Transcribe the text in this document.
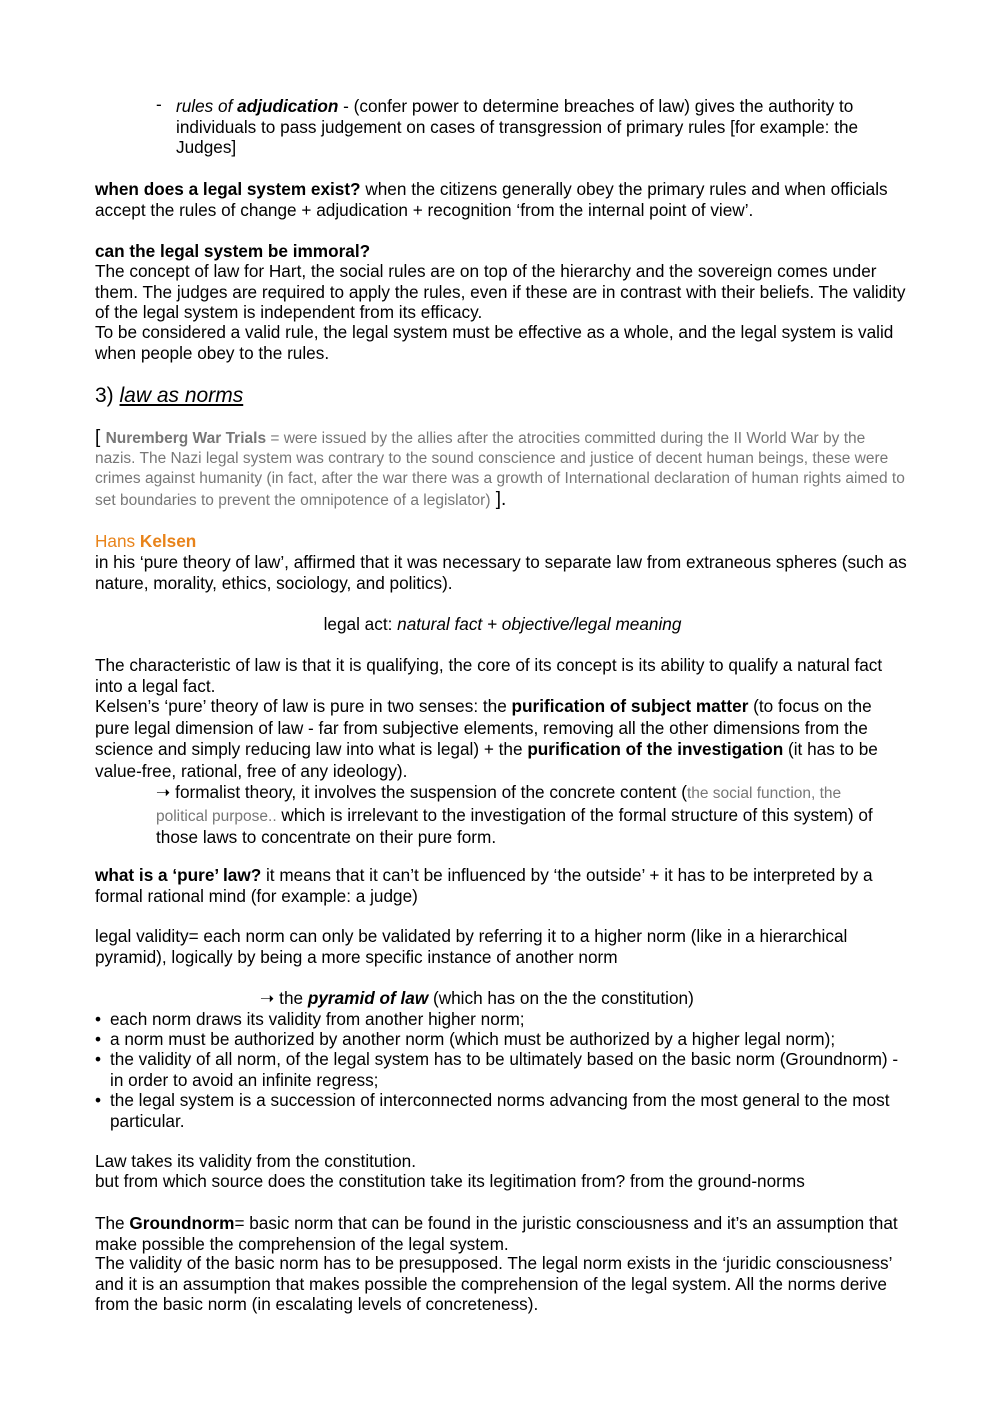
- rules of adjudication - (confer power to determine breaches of law) gives the authority to individuals to pass judgement on cases of transgression of primary rules [for example: the Judges]

when does a legal system exist? when the citizens generally obey the primary rules and when officials accept the rules of change + adjudication + recognition ‘from the internal point of view’.

can the legal system be immoral?

The concept of law for Hart, the social rules are on top of the hierarchy and the sovereign comes under them. The judges are required to apply the rules, even if these are in contrast with their beliefs. The validity of the legal system is independent from its efficacy.

To be considered a valid rule, the legal system must be effective as a whole, and the legal system is valid when people obey to the rules.

3) law as norms

[ Nuremberg War Trials = were issued by the allies after the atrocities committed during the II World War by the nazis. The Nazi legal system was contrary to the sound conscience and justice of decent human beings, these were crimes against humanity (in fact, after the war there was a growth of International declaration of human rights aimed to set boundaries to prevent the omnipotence of a legislator) ].

Hans Kelsen

in his ‘pure theory of law’, affirmed that it was necessary to separate law from extraneous spheres (such as nature, morality, ethics, sociology, and politics).

legal act: natural fact + objective/legal meaning

The characteristic of law is that it is qualifying, the core of its concept is its ability to qualify a natural fact into a legal fact.

Kelsen’s ‘pure’ theory of law is pure in two senses: the purification of subject matter (to focus on the pure legal dimension of law - far from subjective elements, removing all the other dimensions from the science and simply reducing law into what is legal) + the purification of the investigation (it has to be value-free, rational, free of any ideology).

➝ formalist theory, it involves the suspension of the concrete content (the social function, the political purpose.. which is irrelevant to the investigation of the formal structure of this system) of those laws to concentrate on their pure form.

what is a ‘pure’ law? it means that it can’t be influenced by ‘the outside’ + it has to be interpreted by a formal rational mind (for example: a judge)

legal validity= each norm can only be validated by referring it to a higher norm (like in a hierarchical pyramid), logically by being a more specific instance of another norm

➝ the pyramid of law (which has on the the constitution)

• each norm draws its validity from another higher norm;
• a norm must be authorized by another norm (which must be authorized by a higher legal norm);
• the validity of all norm, of the legal system has to be ultimately based on the basic norm (Groundnorm) - in order to avoid an infinite regress;
• the legal system is a succession of interconnected norms advancing from the most general to the most particular.

Law takes its validity from the constitution.

but from which source does the constitution take its legitimation from? from the ground-norms

The Groundnorm= basic norm that can be found in the juristic consciousness and it’s an assumption that make possible the comprehension of the legal system.

The validity of the basic norm has to be presupposed. The legal norm exists in the ‘juridic consciousness’ and it is an assumption that makes possible the comprehension of the legal system. All the norms derive from the basic norm (in escalating levels of concreteness).
